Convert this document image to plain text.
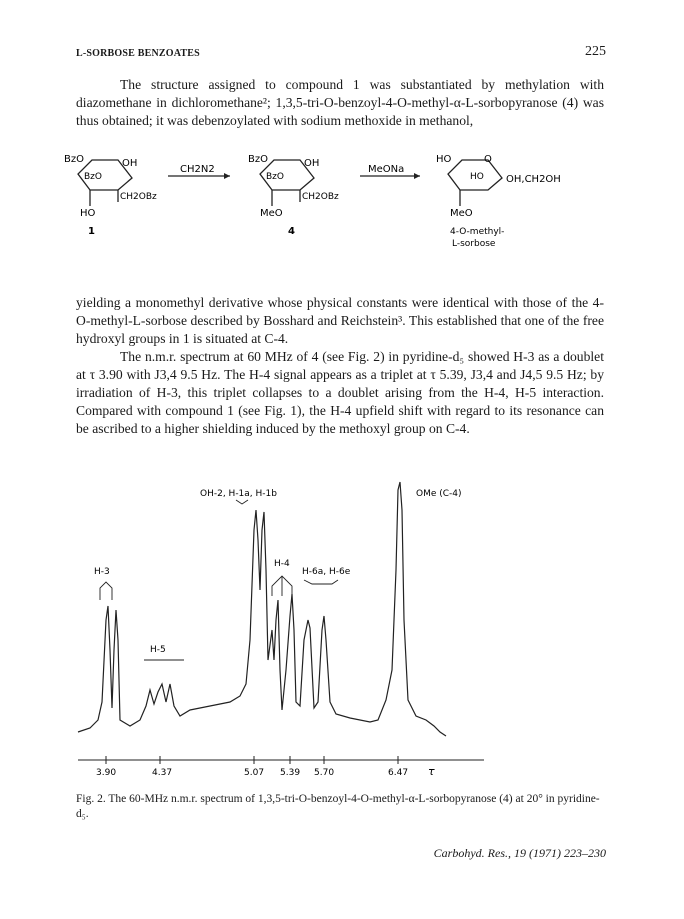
L-SORBOSE BENZOATES	225

The structure assigned to compound 1 was substantiated by methylation with diazomethane in dichloromethane²; 1,3,5-tri-O-benzoyl-4-O-methyl-α-L-sorbopyranose (4) was thus obtained; it was debenzoylated with sodium methoxide in methanol,

BzO	OH
BzO
CH2OBz
HO
1
CH2N2
BzO	OH
BzO
CH2OBz
MeO
4
MeONa
HO	O
HO OH,CH2OH
MeO
4-O-methyl-
L-sorbose

yielding a monomethyl derivative whose physical constants were identical with those of the 4-O-methyl-L-sorbose described by Bosshard and Reichstein³. This established that one of the free hydroxyl groups in 1 is situated at C-4.

The n.m.r. spectrum at 60 MHz of 4 (see Fig. 2) in pyridine-d₅ showed H-3 as a doublet at τ 3.90 with J3,4 9.5 Hz. The H-4 signal appears as a triplet at τ 5.39, J3,4 and J4,5 9.5 Hz; by irradiation of H-3, this triplet collapses to a doublet arising from the H-4, H-5 interaction. Compared with compound 1 (see Fig. 1), the H-4 upfield shift with regard to its resonance can be ascribed to a higher shielding induced by the methoxyl group on C-4.

3.90	4.37	5.07 5.39 5.70	6.47 τ
OH-2, H-1a, H-1b	OMe (C-4)
H-3
H-5
H-4
H-6a, H-6e

Fig. 2. The 60-MHz n.m.r. spectrum of 1,3,5-tri-O-benzoyl-4-O-methyl-α-L-sorbopyranose (4) at 20° in pyridine-d₅.

Carbohyd. Res., 19 (1971) 223–230
